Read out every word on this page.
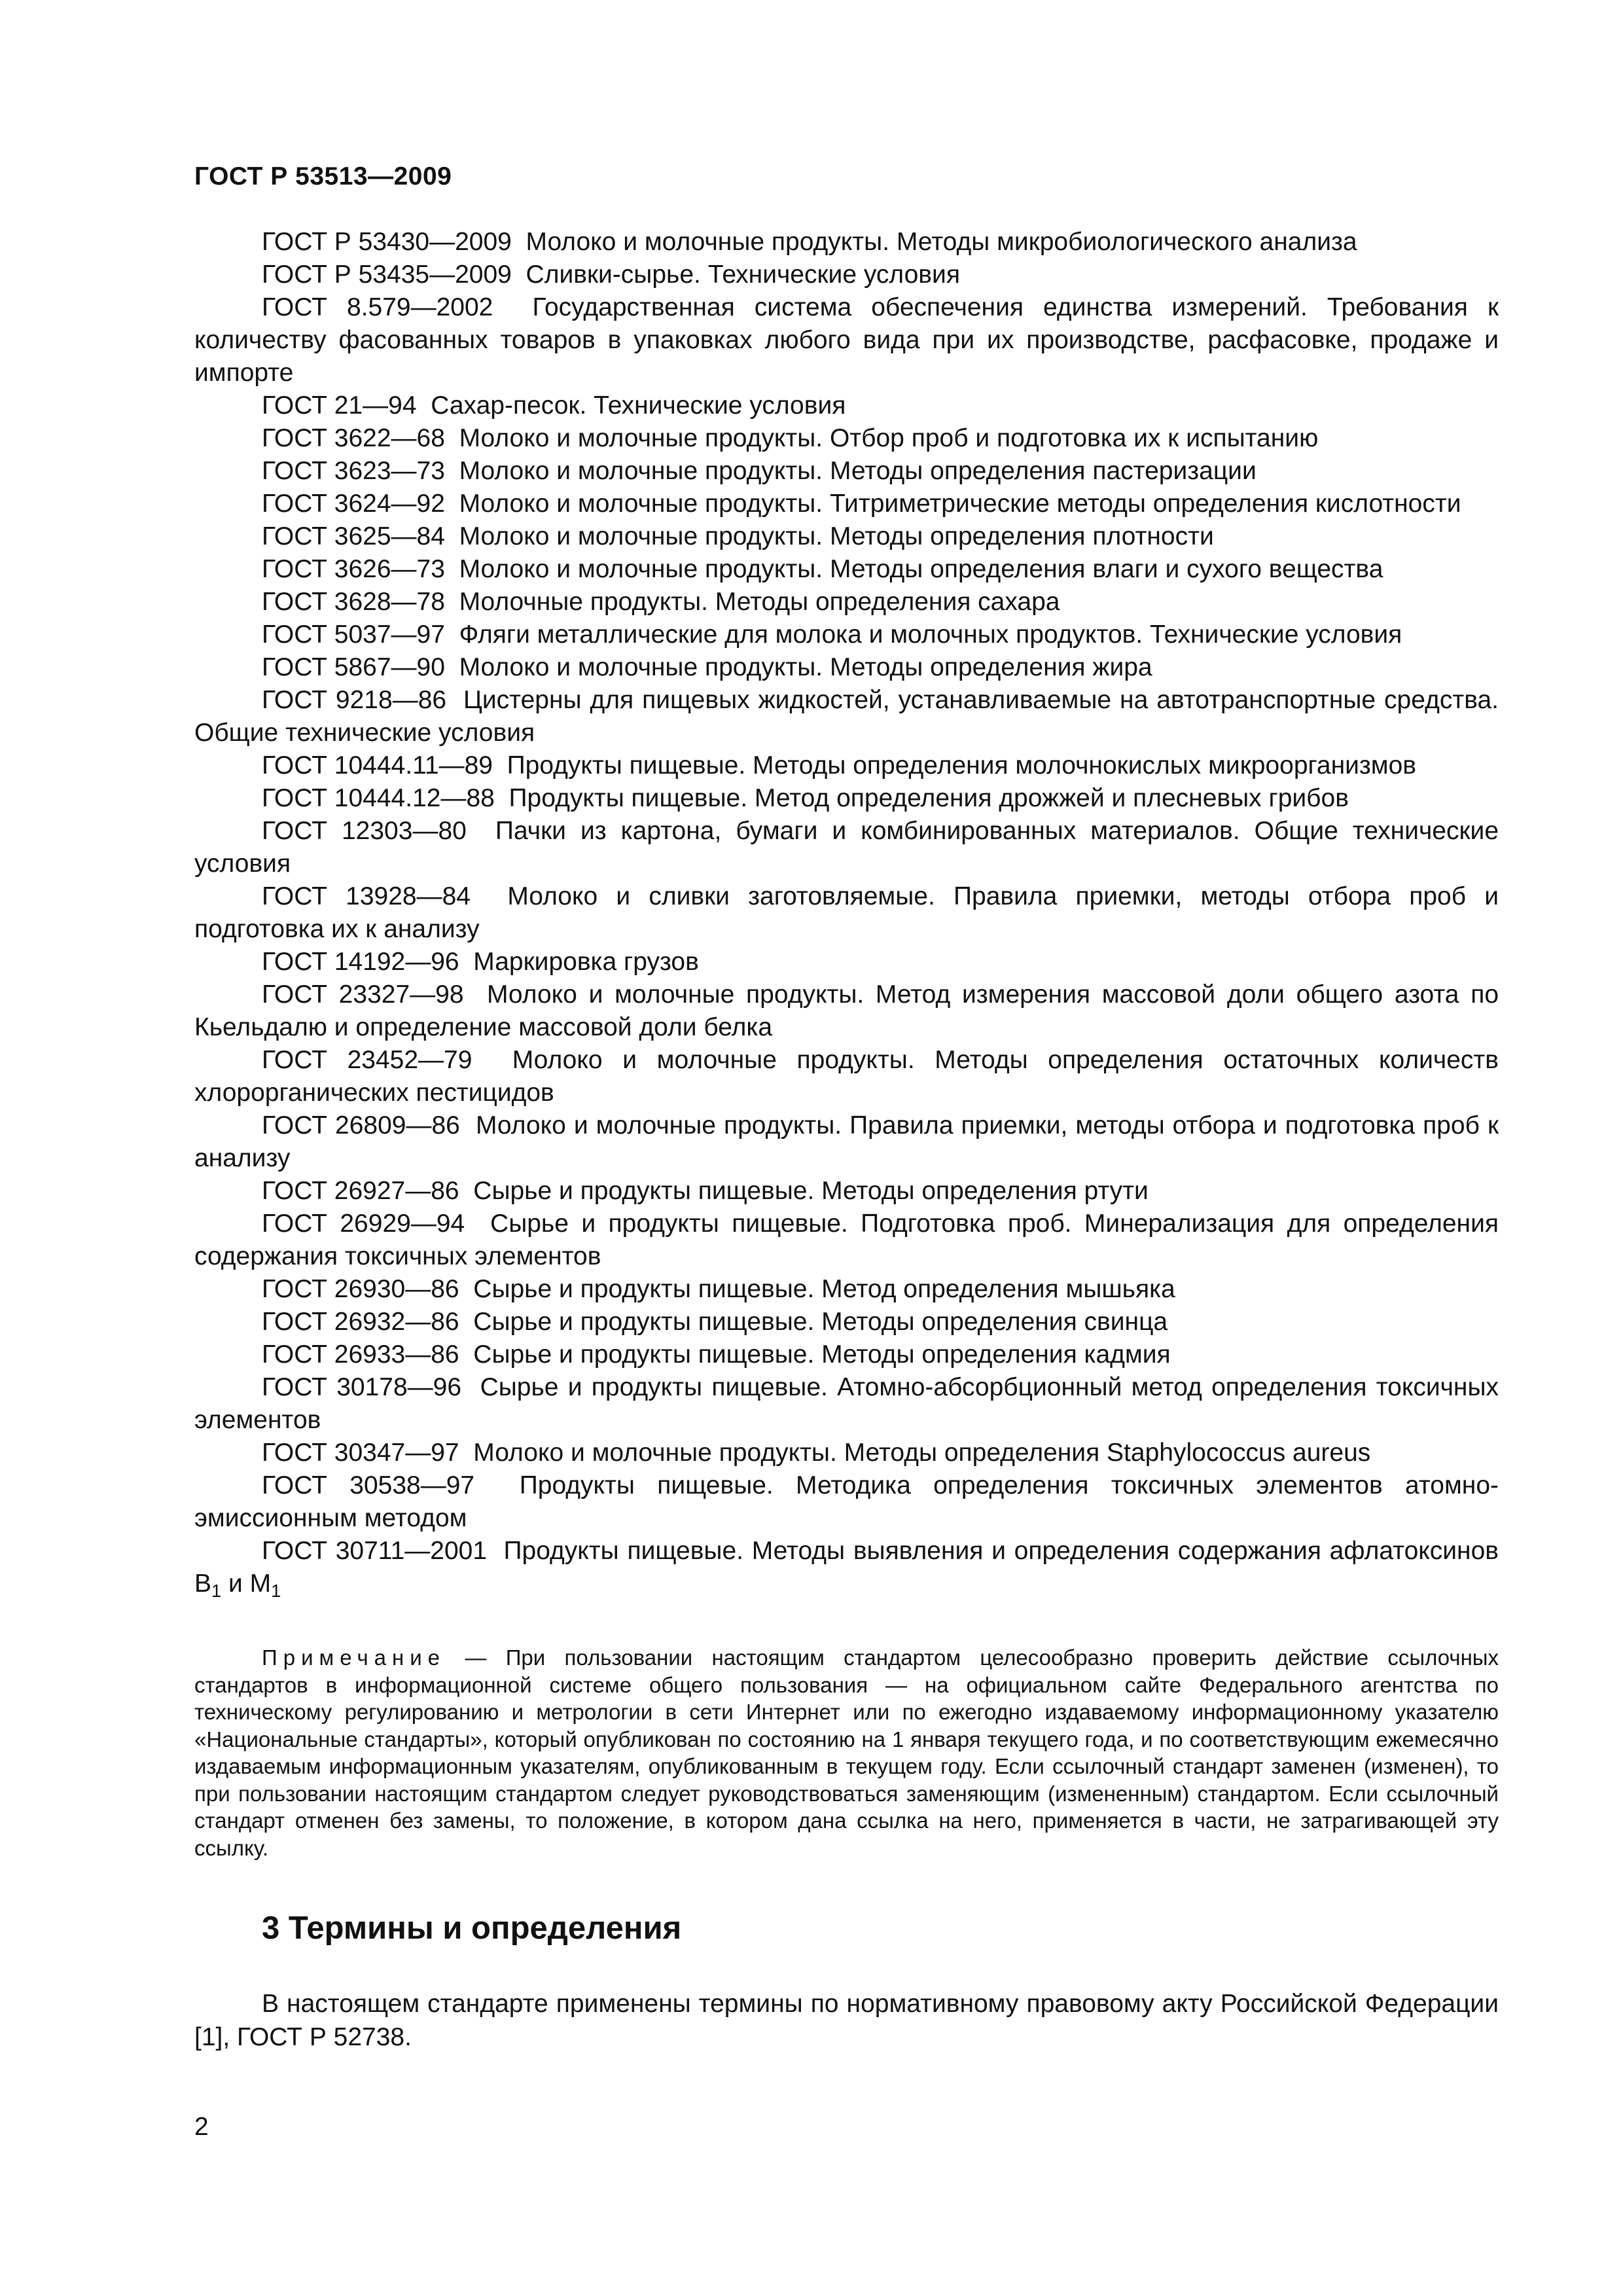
ГОСТ Р 53513—2009
ГОСТ Р 53430—2009 Молоко и молочные продукты. Методы микробиологического анализа
ГОСТ Р 53435—2009 Сливки-сырье. Технические условия
ГОСТ 8.579—2002 Государственная система обеспечения единства измерений. Требования к количеству фасованных товаров в упаковках любого вида при их производстве, расфасовке, продаже и импорте
ГОСТ 21—94 Сахар-песок. Технические условия
ГОСТ 3622—68 Молоко и молочные продукты. Отбор проб и подготовка их к испытанию
ГОСТ 3623—73 Молоко и молочные продукты. Методы определения пастеризации
ГОСТ 3624—92 Молоко и молочные продукты. Титриметрические методы определения кислотности
ГОСТ 3625—84 Молоко и молочные продукты. Методы определения плотности
ГОСТ 3626—73 Молоко и молочные продукты. Методы определения влаги и сухого вещества
ГОСТ 3628—78 Молочные продукты. Методы определения сахара
ГОСТ 5037—97 Фляги металлические для молока и молочных продуктов. Технические условия
ГОСТ 5867—90 Молоко и молочные продукты. Методы определения жира
ГОСТ 9218—86 Цистерны для пищевых жидкостей, устанавливаемые на автотранспортные средства. Общие технические условия
ГОСТ 10444.11—89 Продукты пищевые. Методы определения молочнокислых микроорганизмов
ГОСТ 10444.12—88 Продукты пищевые. Метод определения дрожжей и плесневых грибов
ГОСТ 12303—80 Пачки из картона, бумаги и комбинированных материалов. Общие технические условия
ГОСТ 13928—84 Молоко и сливки заготовляемые. Правила приемки, методы отбора проб и подготовка их к анализу
ГОСТ 14192—96 Маркировка грузов
ГОСТ 23327—98 Молоко и молочные продукты. Метод измерения массовой доли общего азота по Кьельдалю и определение массовой доли белка
ГОСТ 23452—79 Молоко и молочные продукты. Методы определения остаточных количеств хлорорганических пестицидов
ГОСТ 26809—86 Молоко и молочные продукты. Правила приемки, методы отбора и подготовка проб к анализу
ГОСТ 26927—86 Сырье и продукты пищевые. Методы определения ртути
ГОСТ 26929—94 Сырье и продукты пищевые. Подготовка проб. Минерализация для определения содержания токсичных элементов
ГОСТ 26930—86 Сырье и продукты пищевые. Метод определения мышьяка
ГОСТ 26932—86 Сырье и продукты пищевые. Методы определения свинца
ГОСТ 26933—86 Сырье и продукты пищевые. Методы определения кадмия
ГОСТ 30178—96 Сырье и продукты пищевые. Атомно-абсорбционный метод определения токсичных элементов
ГОСТ 30347—97 Молоко и молочные продукты. Методы определения Staphylococcus aureus
ГОСТ 30538—97 Продукты пищевые. Методика определения токсичных элементов атомно-эмиссионным методом
ГОСТ 30711—2001 Продукты пищевые. Методы выявления и определения содержания афлатоксинов $B_1$ и $M_1$
Примечание — При пользовании настоящим стандартом целесообразно проверить действие ссылочных стандартов в информационной системе общего пользования — на официальном сайте Федерального агентства по техническому регулированию и метрологии в сети Интернет или по ежегодно издаваемому информационному указателю «Национальные стандарты», который опубликован по состоянию на 1 января текущего года, и по соответствующим ежемесячно издаваемым информационным указателям, опубликованным в текущем году. Если ссылочный стандарт заменен (изменен), то при пользовании настоящим стандартом следует руководствоваться заменяющим (измененным) стандартом. Если ссылочный стандарт отменен без замены, то положение, в котором дана ссылка на него, применяется в части, не затрагивающей эту ссылку.
3 Термины и определения
В настоящем стандарте применены термины по нормативному правовому акту Российской Федерации [1], ГОСТ Р 52738.
2
